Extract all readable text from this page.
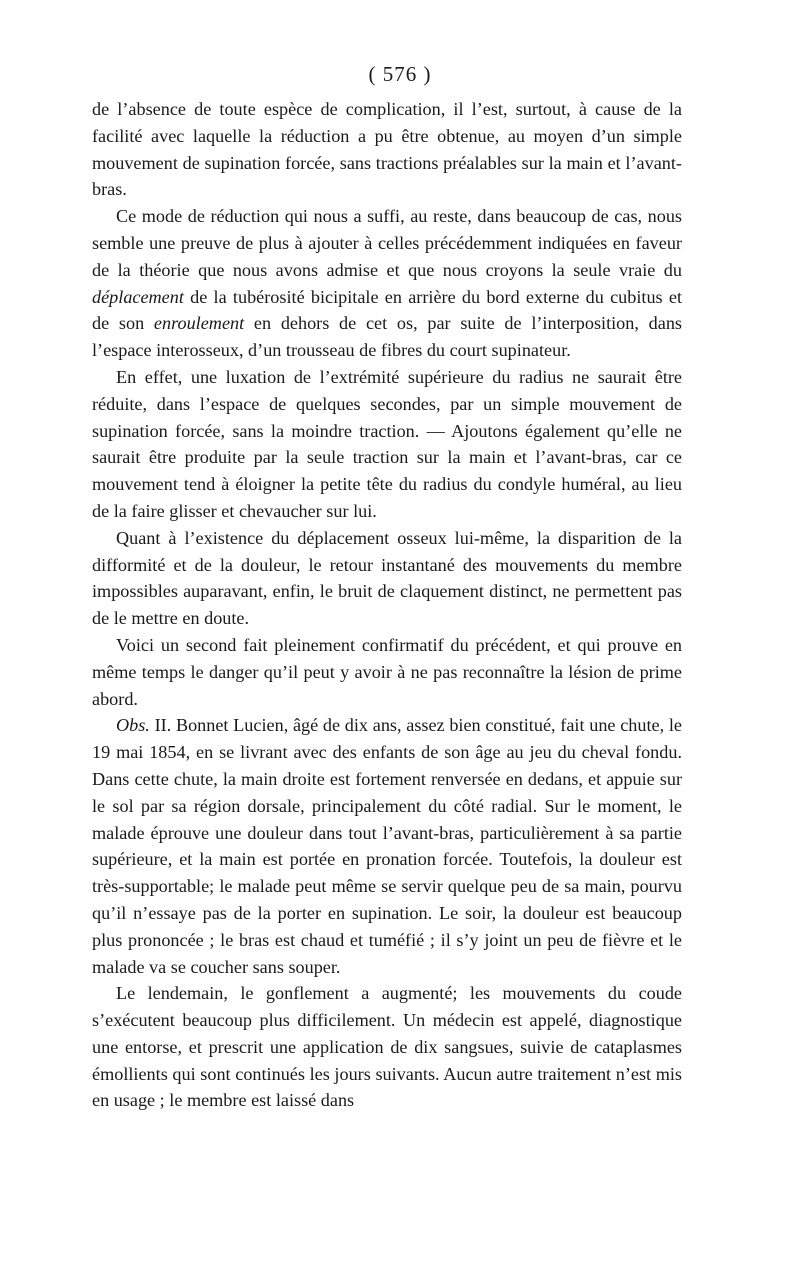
( 576 )

de l’absence de toute espèce de complication, il l’est, surtout, à cause de la facilité avec laquelle la réduction a pu être obtenue, au moyen d’un simple mouvement de supination forcée, sans tractions préalables sur la main et l’avant-bras.

Ce mode de réduction qui nous a suffi, au reste, dans beaucoup de cas, nous semble une preuve de plus à ajouter à celles précédemment indiquées en faveur de la théorie que nous avons admise et que nous croyons la seule vraie du déplacement de la tubérosité bicipitale en arrière du bord externe du cubitus et de son enroulement en dehors de cet os, par suite de l’interposition, dans l’espace interosseux, d’un trousseau de fibres du court supinateur.

En effet, une luxation de l’extrémité supérieure du radius ne saurait être réduite, dans l’espace de quelques secondes, par un simple mouvement de supination forcée, sans la moindre traction. — Ajoutons également qu’elle ne saurait être produite par la seule traction sur la main et l’avant-bras, car ce mouvement tend à éloigner la petite tête du radius du condyle huméral, au lieu de la faire glisser et chevaucher sur lui.

Quant à l’existence du déplacement osseux lui-même, la disparition de la difformité et de la douleur, le retour instantané des mouvements du membre impossibles auparavant, enfin, le bruit de claquement distinct, ne permettent pas de le mettre en doute.

Voici un second fait pleinement confirmatif du précédent, et qui prouve en même temps le danger qu’il peut y avoir à ne pas reconnaître la lésion de prime abord.

Obs. II. Bonnet Lucien, âgé de dix ans, assez bien constitué, fait une chute, le 19 mai 1854, en se livrant avec des enfants de son âge au jeu du cheval fondu. Dans cette chute, la main droite est fortement renversée en dedans, et appuie sur le sol par sa région dorsale, principalement du côté radial. Sur le moment, le malade éprouve une douleur dans tout l’avant-bras, particulièrement à sa partie supérieure, et la main est portée en pronation forcée. Toutefois, la douleur est très-supportable; le malade peut même se servir quelque peu de sa main, pourvu qu’il n’essaye pas de la porter en supination. Le soir, la douleur est beaucoup plus prononcée ; le bras est chaud et tuméfié ; il s’y joint un peu de fièvre et le malade va se coucher sans souper.

Le lendemain, le gonflement a augmenté; les mouvements du coude s’exécutent beaucoup plus difficilement. Un médecin est appelé, diagnostique une entorse, et prescrit une application de dix sangsues, suivie de cataplasmes émollients qui sont continués les jours suivants. Aucun autre traitement n’est mis en usage ; le membre est laissé dans
